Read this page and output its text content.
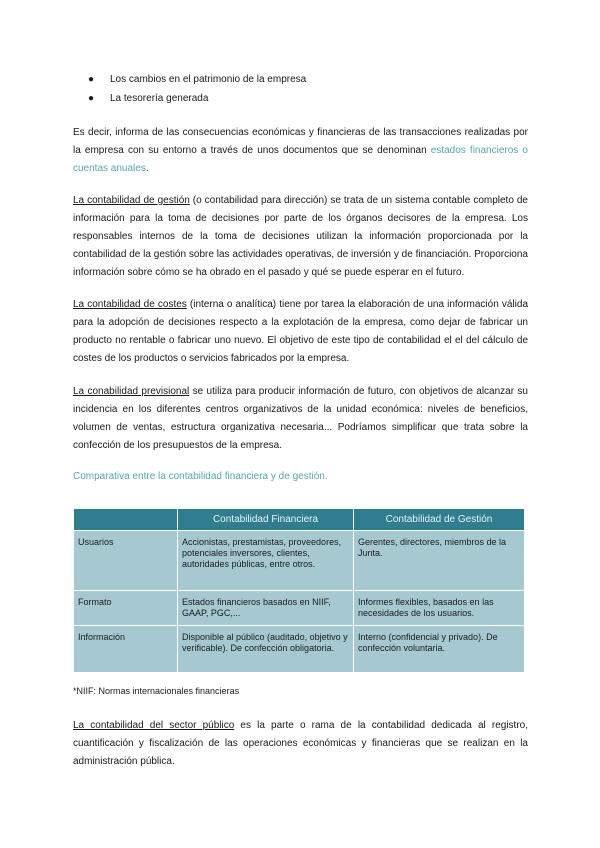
● Los cambios en el patrimonio de la empresa
● La tesorería generada

Es decir, informa de las consecuencias económicas y financieras de las transacciones realizadas por la empresa con su entorno a través de unos documentos que se denominan estados financieros o cuentas anuales.

La contabilidad de gestión (o contabilidad para dirección) se trata de un sistema contable completo de información para la toma de decisiones por parte de los órganos decisores de la empresa. Los responsables internos de la toma de decisiones utilizan la información proporcionada por la contabilidad de la gestión sobre las actividades operativas, de inversión y de financiación. Proporciona información sobre cómo se ha obrado en el pasado y qué se puede esperar en el futuro.

La contabilidad de costes (interna o analítica) tiene por tarea la elaboración de una información válida para la adopción de decisiones respecto a la explotación de la empresa, como dejar de fabricar un producto no rentable o fabricar uno nuevo. El objetivo de este tipo de contabilidad el el del cálculo de costes de los productos o servicios fabricados por la empresa.

La conabilidad previsional se utiliza para producir información de futuro, con objetivos de alcanzar su incidencia en los diferentes centros organizativos de la unidad económica: niveles de beneficios, volumen de ventas, estructura organizativa necesaria... Podríamos simplificar que trata sobre la confección de los presupuestos de la empresa.

Comparativa entre la contabilidad financiera y de gestión.

	Contabilidad Financiera	Contabilidad de Gestión
Usuarios	Accionistas, prestamistas, proveedores, potenciales inversores, clientes, autoridades públicas, entre otros.	Gerentes, directores, miembros de la Junta.
Formato	Estados financieros basados en NIIF, GAAP, PGC,...	Informes flexibles, basados en las necesidades de los usuarios.
Información	Disponible al público (auditado, objetivo y verificable). De confección obligatoria.	Interno (confidencial y privado). De confección voluntaria.

*NIIF: Normas internacionales financieras

La contabilidad del sector público es la parte o rama de la contabilidad dedicada al registro, cuantificación y fiscalización de las operaciones económicas y financieras que se realizan en la administración pública.
